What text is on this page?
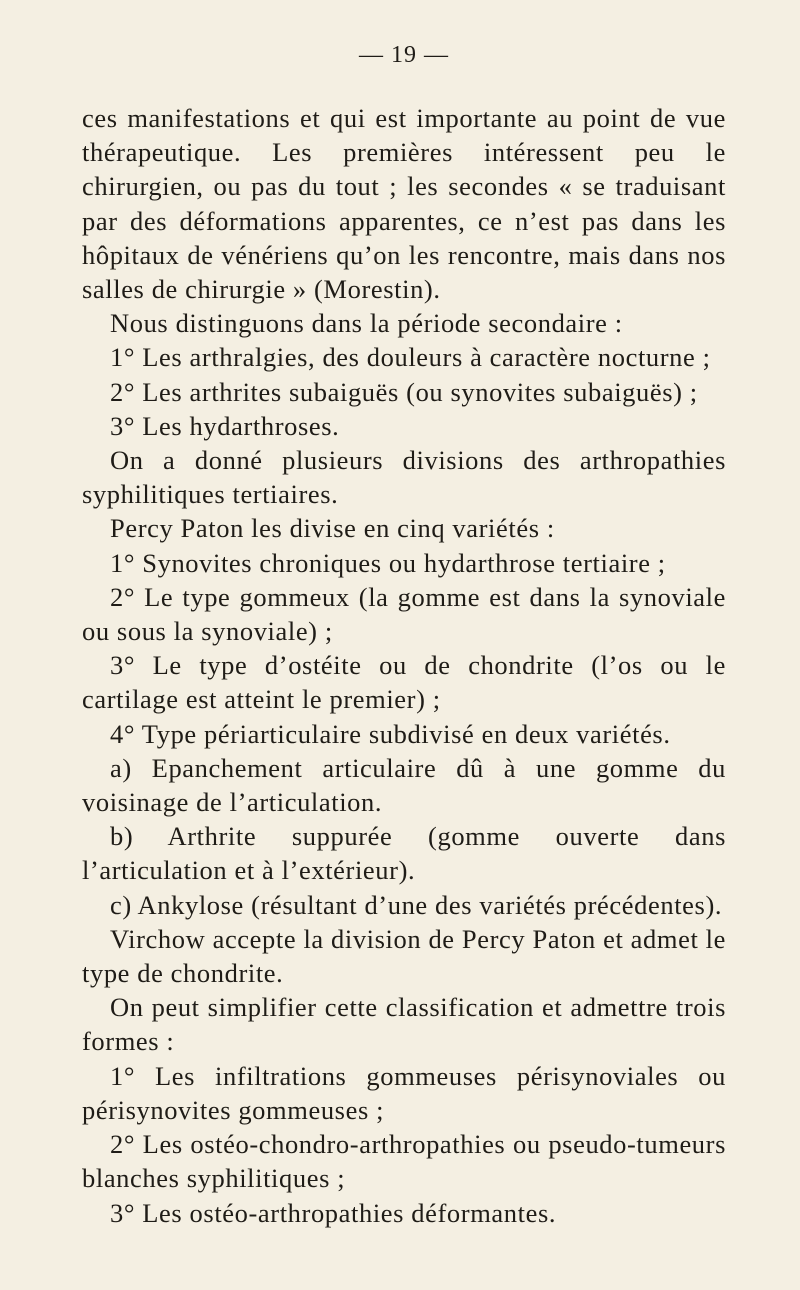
— 19 —

ces manifestations et qui est importante au point de vue thérapeutique. Les premières intéressent peu le chirurgien, ou pas du tout ; les secondes « se traduisant par des déformations apparentes, ce n’est pas dans les hôpitaux de vénériens qu’on les rencontre, mais dans nos salles de chirurgie » (Morestin).

Nous distinguons dans la période secondaire :

1° Les arthralgies, des douleurs à caractère nocturne ;

2° Les arthrites subaiguës (ou synovites subaiguës) ;

3° Les hydarthroses.

On a donné plusieurs divisions des arthropathies syphilitiques tertiaires.

Percy Paton les divise en cinq variétés :

1° Synovites chroniques ou hydarthrose tertiaire ;

2° Le type gommeux (la gomme est dans la synoviale ou sous la synoviale) ;

3° Le type d’ostéite ou de chondrite (l’os ou le cartilage est atteint le premier) ;

4° Type périarticulaire subdivisé en deux variétés.

a) Epanchement articulaire dû à une gomme du voisinage de l’articulation.

b) Arthrite suppurée (gomme ouverte dans l’articulation et à l’extérieur).

c) Ankylose (résultant d’une des variétés précédentes).

Virchow accepte la division de Percy Paton et admet le type de chondrite.

On peut simplifier cette classification et admettre trois formes :

1° Les infiltrations gommeuses périsynoviales ou périsynovites gommeuses ;

2° Les ostéo-chondro-arthropathies ou pseudo-tumeurs blanches syphilitiques ;

3° Les ostéo-arthropathies déformantes.
